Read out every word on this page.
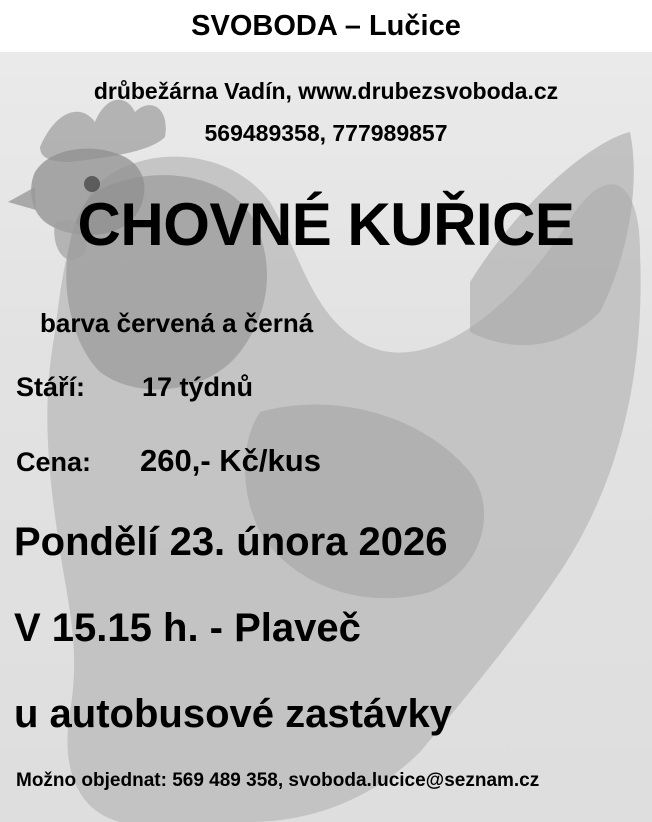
SVOBODA – Lučice
drůbežárna Vadín, www.drubezsvoboda.cz
569489358, 777989857
CHOVNÉ KUŘICE
barva červená a černá
Stáří: 17 týdnů
Cena: 260,- Kč/kus
Pondělí 23. února 2026
V 15.15 h. - Plaveč
u autobusové zastávky
Možno objednat: 569 489 358, svoboda.lucice@seznam.cz
